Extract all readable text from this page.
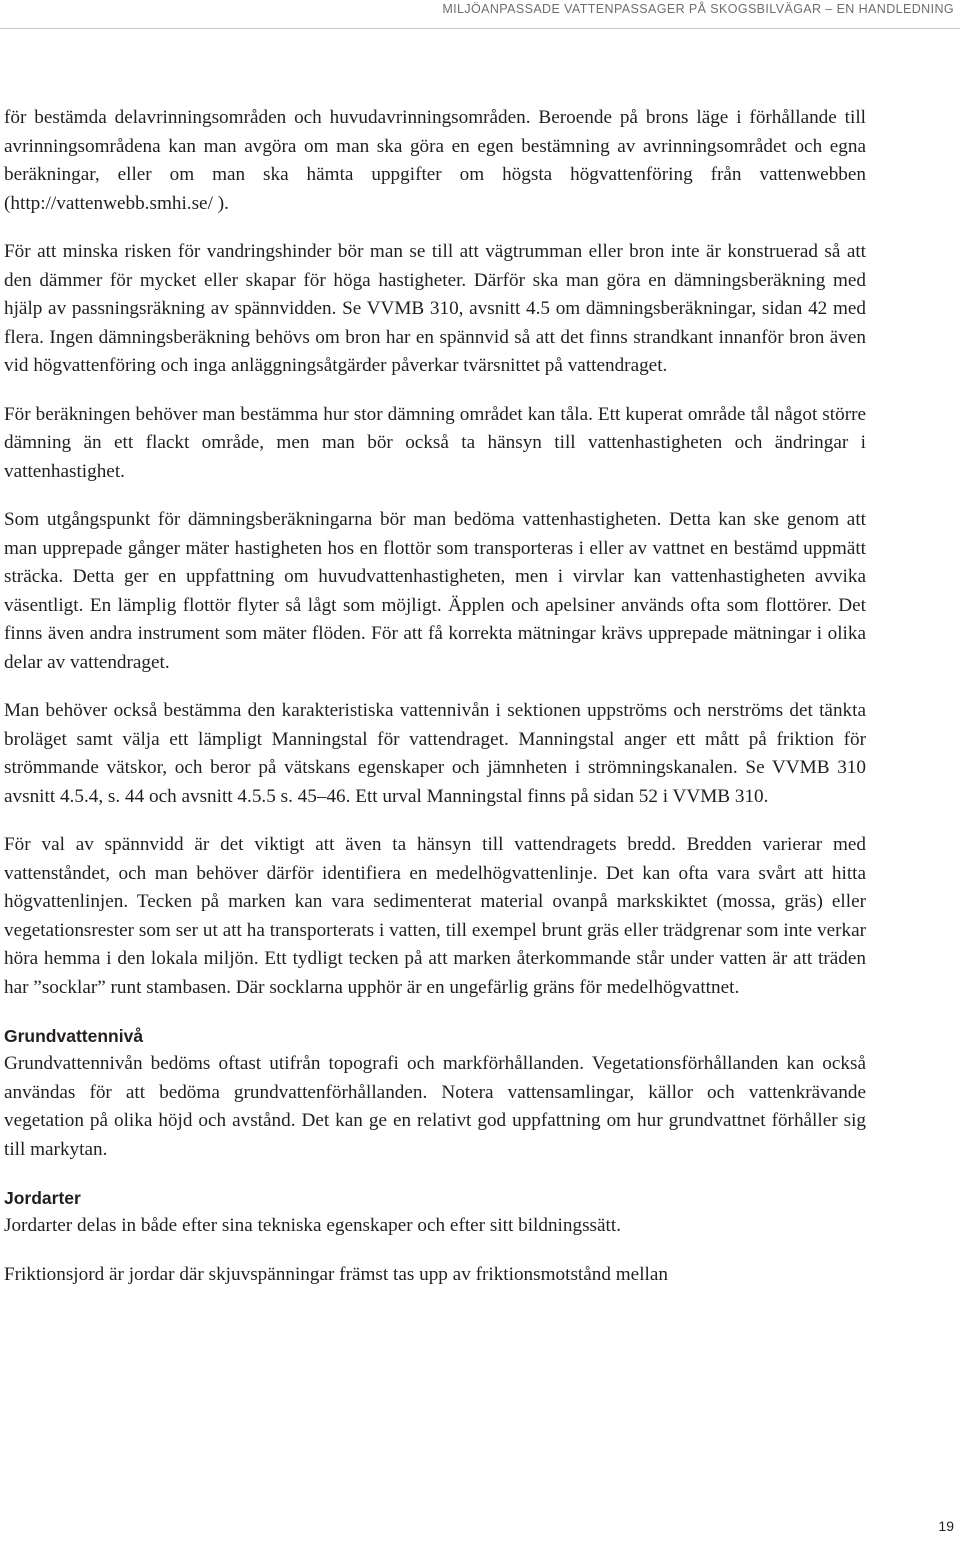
MILJÖANPASSADE VATTENPASSAGER PÅ SKOGSBILVÄGAR – EN HANDLEDNING

för bestämda delavrinningsområden och huvudavrinningsområden. Beroende på brons läge i förhållande till avrinningsområdena kan man avgöra om man ska göra en egen bestämning av avrinningsområdet och egna beräkningar, eller om man ska hämta uppgifter om högsta högvattenföring från vattenwebben (http://vattenwebb.smhi.se/ ).

För att minska risken för vandringshinder bör man se till att vägtrumman eller bron inte är konstruerad så att den dämmer för mycket eller skapar för höga hastigheter. Därför ska man göra en dämningsberäkning med hjälp av passningsräkning av spännvidden. Se VVMB 310, avsnitt 4.5 om dämningsberäkningar, sidan 42 med flera. Ingen dämningsberäkning behövs om bron har en spännvid så att det finns strandkant innanför bron även vid högvattenföring och inga anläggningsåtgärder påverkar tvärsnittet på vattendraget.

För beräkningen behöver man bestämma hur stor dämning området kan tåla. Ett kuperat område tål något större dämning än ett flackt område, men man bör också ta hänsyn till vattenhastigheten och ändringar i vattenhastighet.

Som utgångspunkt för dämningsberäkningarna bör man bedöma vattenhastigheten. Detta kan ske genom att man upprepade gånger mäter hastigheten hos en flottör som transporteras i eller av vattnet en bestämd uppmätt sträcka. Detta ger en uppfattning om huvudvattenhastigheten, men i virvlar kan vattenhastigheten avvika väsentligt. En lämplig flottör flyter så lågt som möjligt. Äpplen och apelsiner används ofta som flottörer. Det finns även andra instrument som mäter flöden. För att få korrekta mätningar krävs upprepade mätningar i olika delar av vattendraget.

Man behöver också bestämma den karakteristiska vattennivån i sektionen uppströms och nerströms det tänkta broläget samt välja ett lämpligt Manningstal för vattendraget. Manningstal anger ett mått på friktion för strömmande vätskor, och beror på vätskans egenskaper och jämnheten i strömningskanalen. Se VVMB 310 avsnitt 4.5.4, s. 44 och avsnitt 4.5.5 s. 45–46. Ett urval Manningstal finns på sidan 52 i VVMB 310.

För val av spännvidd är det viktigt att även ta hänsyn till vattendragets bredd. Bredden varierar med vattenståndet, och man behöver därför identifiera en medelhögvattenlinje. Det kan ofta vara svårt att hitta högvattenlinjen. Tecken på marken kan vara sedimenterat material ovanpå markskiktet (mossa, gräs) eller vegetationsrester som ser ut att ha transporterats i vatten, till exempel brunt gräs eller trädgrenar som inte verkar höra hemma i den lokala miljön. Ett tydligt tecken på att marken återkommande står under vatten är att träden har ”socklar” runt stambasen. Där socklarna upphör är en ungefärlig gräns för medelhögvattnet.

Grundvattennivå

Grundvattennivån bedöms oftast utifrån topografi och markförhållanden. Vegetationsförhållanden kan också användas för att bedöma grundvattenförhållanden. Notera vattensamlingar, källor och vattenkrävande vegetation på olika höjd och avstånd. Det kan ge en relativt god uppfattning om hur grundvattnet förhåller sig till markytan.

Jordarter

Jordarter delas in både efter sina tekniska egenskaper och efter sitt bildningssätt.

Friktionsjord är jordar där skjuvspänningar främst tas upp av friktionsmotstånd mellan

19
